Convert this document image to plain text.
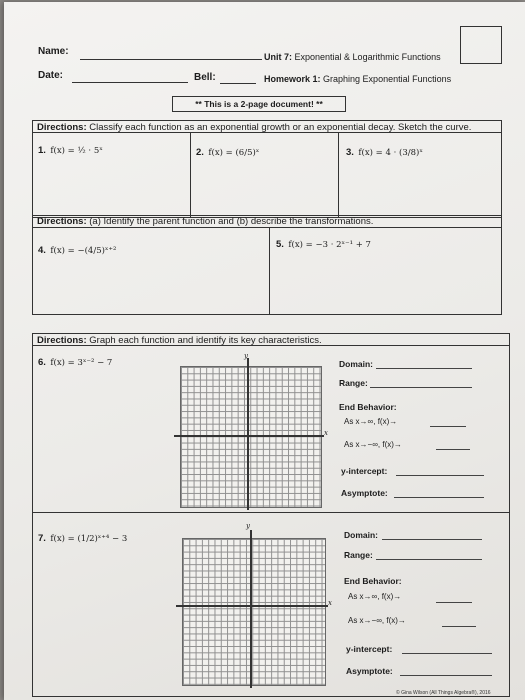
Name:	Unit 7: Exponential & Logarithmic Functions
Date:	Bell:	Homework 1: Graphing Exponential Functions
** This is a 2-page document! **
Directions: Classify each function as an exponential growth or an exponential decay. Sketch the curve.
1. f(x) = ½ · 5ˣ	2. f(x) = (6/5)ˣ	3. f(x) = 4 · (3/8)ˣ
Directions: (a) Identify the parent function and (b) describe the transformations.
4. f(x) = −(4/5)ˣ⁺²
5. f(x) = −3 · 2ˣ⁻¹ + 7
Directions: Graph each function and identify its key characteristics.
6. f(x) = 3ˣ⁻² − 7
y
x
Domain:
Range:
End Behavior:
As x→∞, f(x)→
As x→−∞, f(x)→
y-intercept:
Asymptote:
7. f(x) = (1/2)ˣ⁺⁴ − 3
y
x
Domain:
Range:
End Behavior:
As x→∞, f(x)→
As x→−∞, f(x)→
y-intercept:
Asymptote:
© Gina Wilson (All Things Algebra®), 2016
